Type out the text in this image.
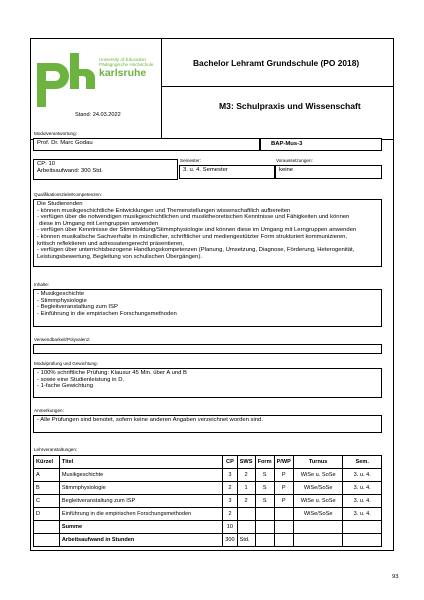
University of Education
Pädagogische Hochschule
karlsruhe
Stand: 24.03.2022
Bachelor Lehramt Grundschule (PO 2018)
M3: Schulpraxis und Wissenschaft
Modulverantwortung:
Prof. Dr. Marc Godau	BAP-Mus-3
CP: 10
Arbeitsaufwand: 300 Std.
Semester:
3. u. 4. Semester
Voraussetzungen:
keine
Qualifikationsziele/Kompetenzen:
Die Studierenden
- können musikgeschichtliche Entwicklungen und Themenstellungen wissenschaftlich aufbereiten
- verfügen über die notwendigen musikgeschichtlichen und musiktheoretischen Kenntnisse und Fähigkeiten und können
diese im Umgang mit Lerngruppen anwenden
- verfügen über Kenntnisse der Stimmbildung/Stimmphysiologie und können diese im Umgang mit Lerngruppen anwenden
- können musikalische Sachverhalte in mündlicher, schriftlicher und mediengestützter Form strukturiert kommunizieren,
kritisch reflektieren und adressatengerecht präsentieren,
- verfügen über unterrichtsbezogene Handlungskompetenzen (Planung, Umsetzung, Diagnose, Förderung, Heterogenität,
Leistungsbewertung, Begleitung von schulischen Übergängen).
Inhalte:
- Musikgeschichte
- Stimmphysiologie
- Begleitveranstaltung zum ISP
- Einführung in die empirischen Forschungsmethoden
Verwendbarkeit/Polyvalenz:
Modulprüfung und Gewichtung:
- 100% schriftliche Prüfung: Klausur 45 Min. über A und B
- sowie eine Studienleistung in D.
- 1-fache Gewichtung
Anmerkungen:
- Alle Prüfungen sind benotet, sofern keine anderen Angaben verzeichnet worden sind.
Lehrveranstaltungen:
Kürzel	Titel	CP	SWS	Form	P/WP	Turnus	Sem.
A	Musikgeschichte	3	2	S	P	WiSe u. SoSe	3. u. 4.
B	Stimmphysiologie	2	1	S	P	WiSe/SoSe	3. u. 4.
C	Begleitveranstaltung zum ISP	3	2	S	P	WiSe u. SoSe	3. u. 4.
D	Einführung in die empirischen Forschungsmethoden	2				WiSe/SoSe	3. u. 4.
	Summe	10					
	Arbeitsaufwand in Stunden	300	Std.				
93
